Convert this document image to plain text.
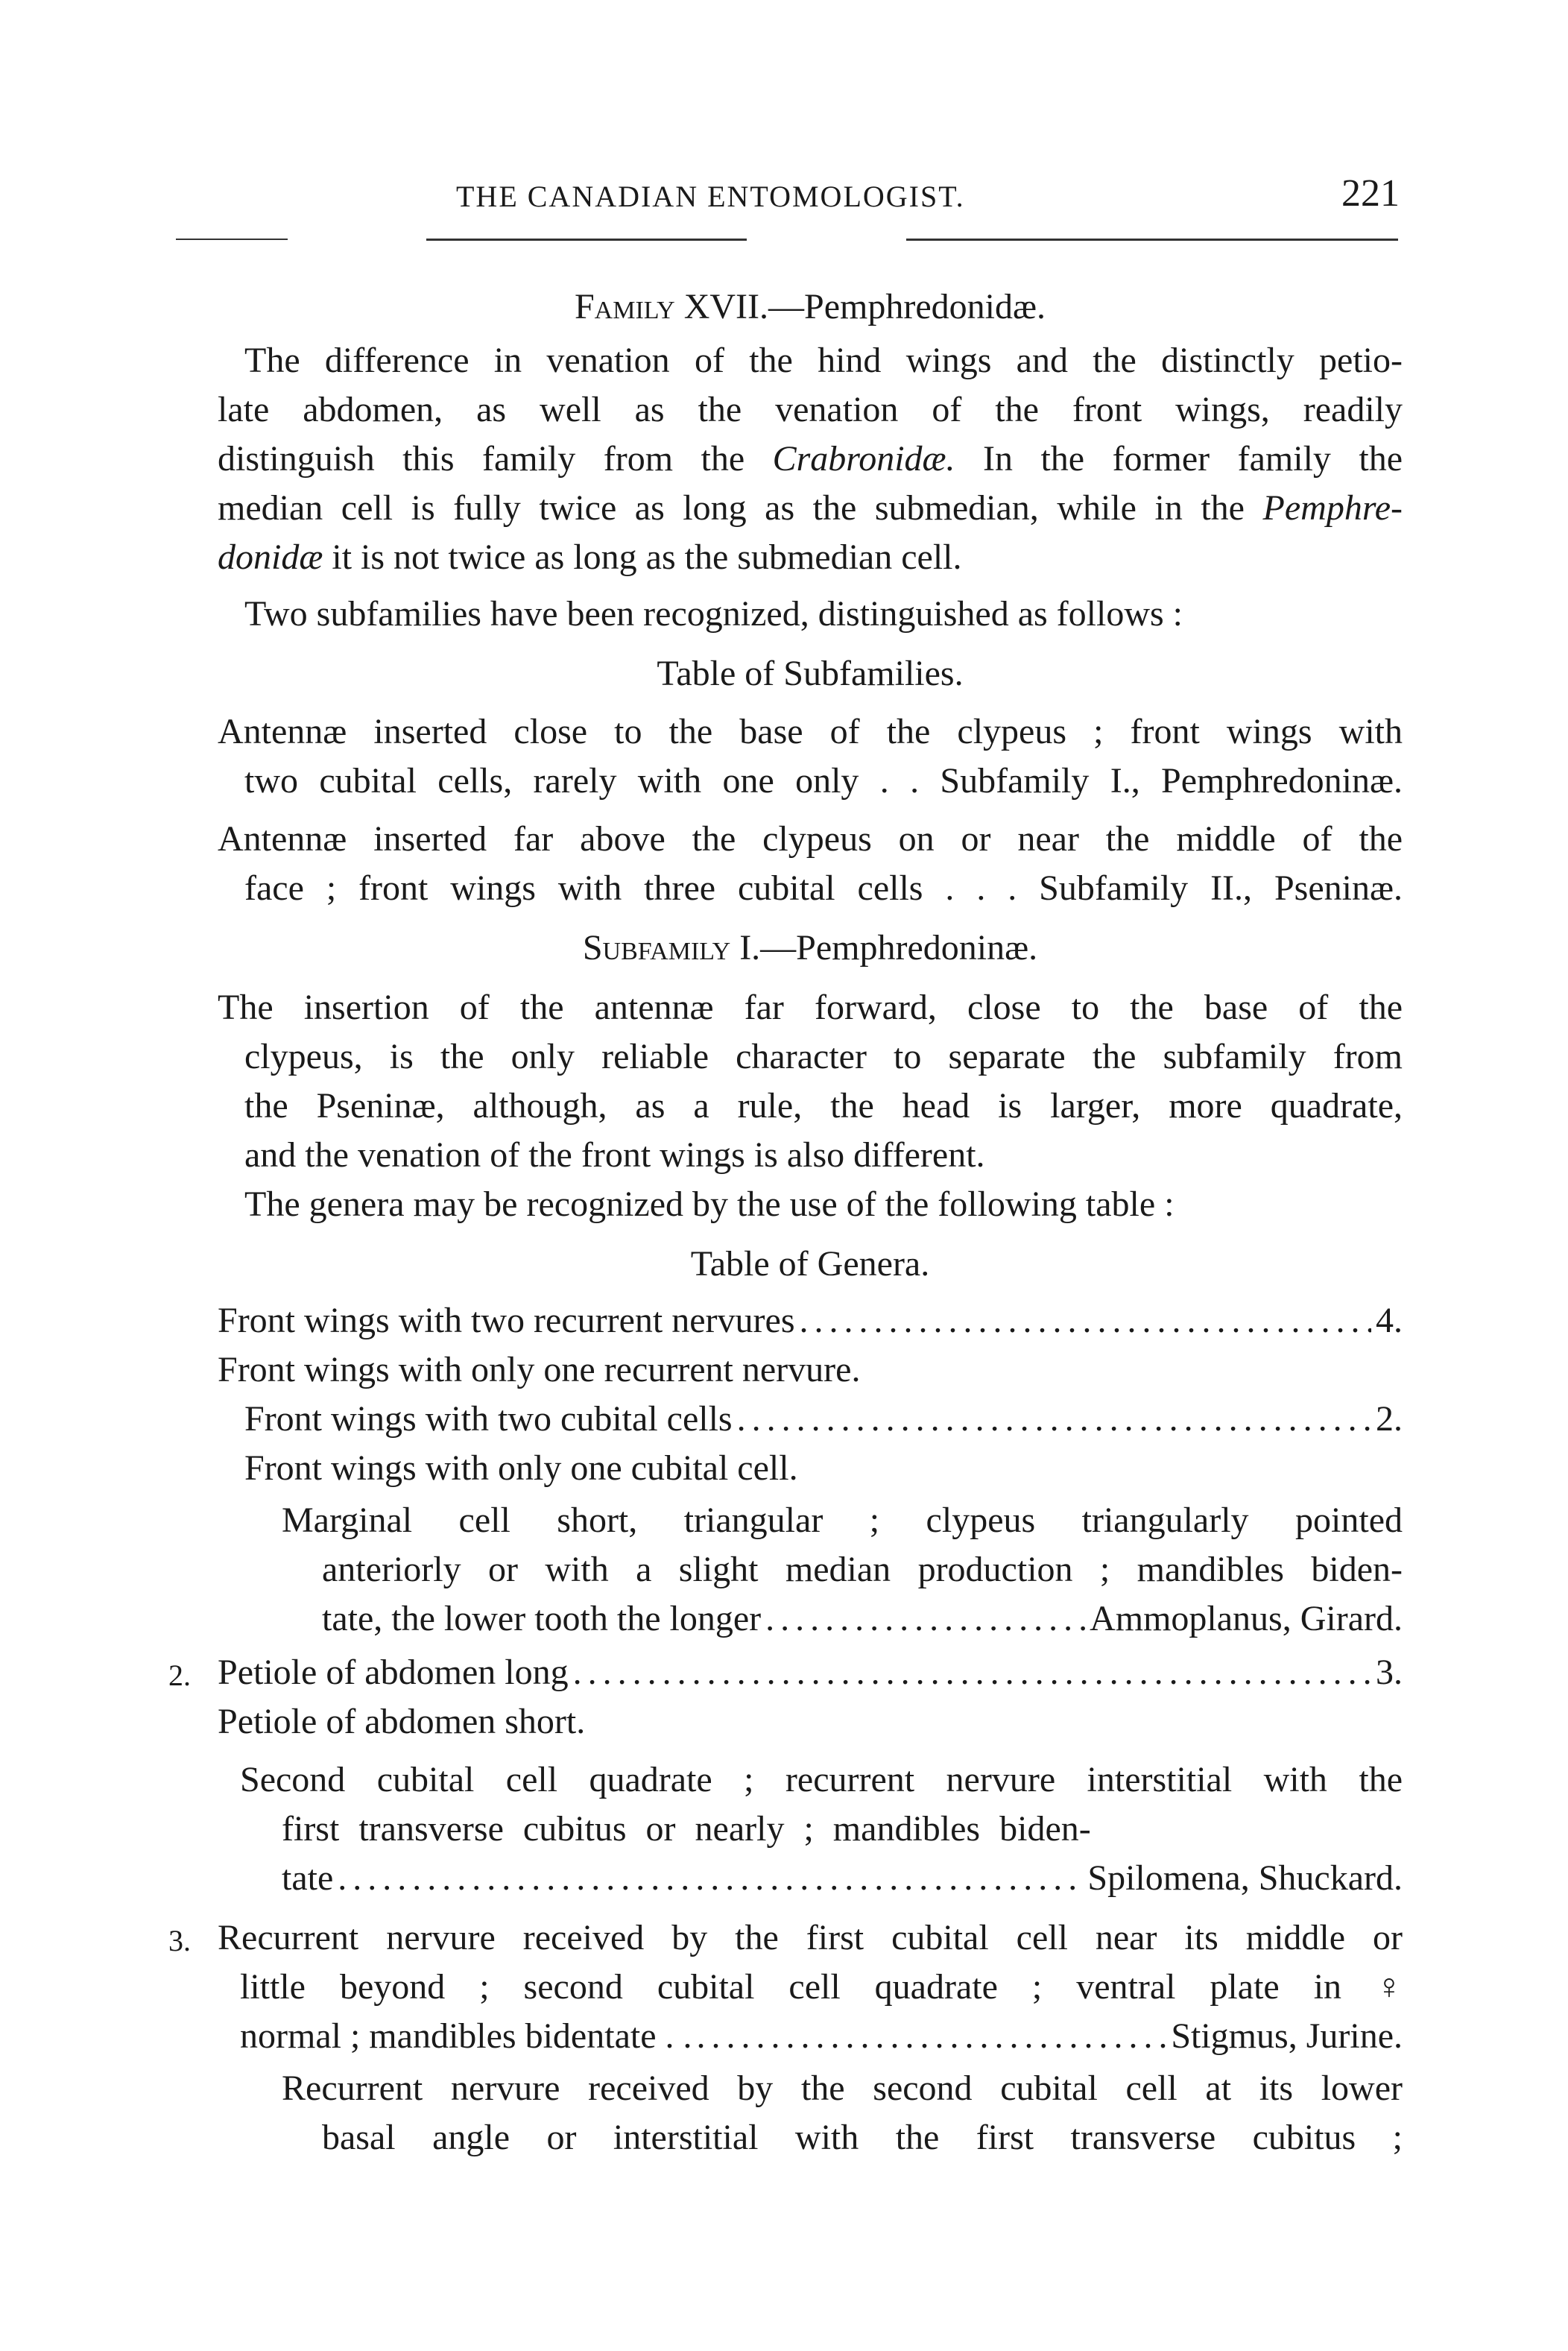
THE CANADIAN ENTOMOLOGIST.	221
Family XVII.—Pemphredonidæ.
The difference in venation of the hind wings and the distinctly petio-
late abdomen, as well as the venation of the front wings, readily
distinguish this family from the Crabronidæ. In the former family the
median cell is fully twice as long as the submedian, while in the Pemphre-
donidæ it is not twice as long as the submedian cell.
Two subfamilies have been recognized, distinguished as follows :
Table of Subfamilies.
Antennæ inserted close to the base of the clypeus ; front wings with
two cubital cells, rarely with one only . . Subfamily I., Pemphredoninæ.
Antennæ inserted far above the clypeus on or near the middle of the
face ; front wings with three cubital cells . . . Subfamily II., Pseninæ.
Subfamily I.—Pemphredoninæ.
The insertion of the antennæ far forward, close to the base of the
clypeus, is the only reliable character to separate the subfamily from
the Pseninæ, although, as a rule, the head is larger, more quadrate,
and the venation of the front wings is also different.
The genera may be recognized by the use of the following table :
Table of Genera.
Front wings with two recurrent nervures .....	4.
Front wings with only one recurrent nervure.
Front wings with two cubital cells .....	2.
Front wings with only one cubital cell.
Marginal cell short, triangular ; clypeus triangularly pointed
anteriorly or with a slight median production ; mandibles biden-
tate, the lower tooth the longer .....	Ammoplanus, Girard.
2. Petiole of abdomen long .....	3.
Petiole of abdomen short.
Second cubital cell quadrate ; recurrent nervure interstitial with the
first transverse cubitus or nearly ; mandibles biden-
tate .....	Spilomena, Shuckard.
3. Recurrent nervure received by the first cubital cell near its middle or
little beyond ; second cubital cell quadrate ; ventral plate in ♀
normal ; mandibles bidentate . . .....	Stigmus, Jurine.
Recurrent nervure received by the second cubital cell at its lower
basal angle or interstitial with the first transverse cubitus ;
